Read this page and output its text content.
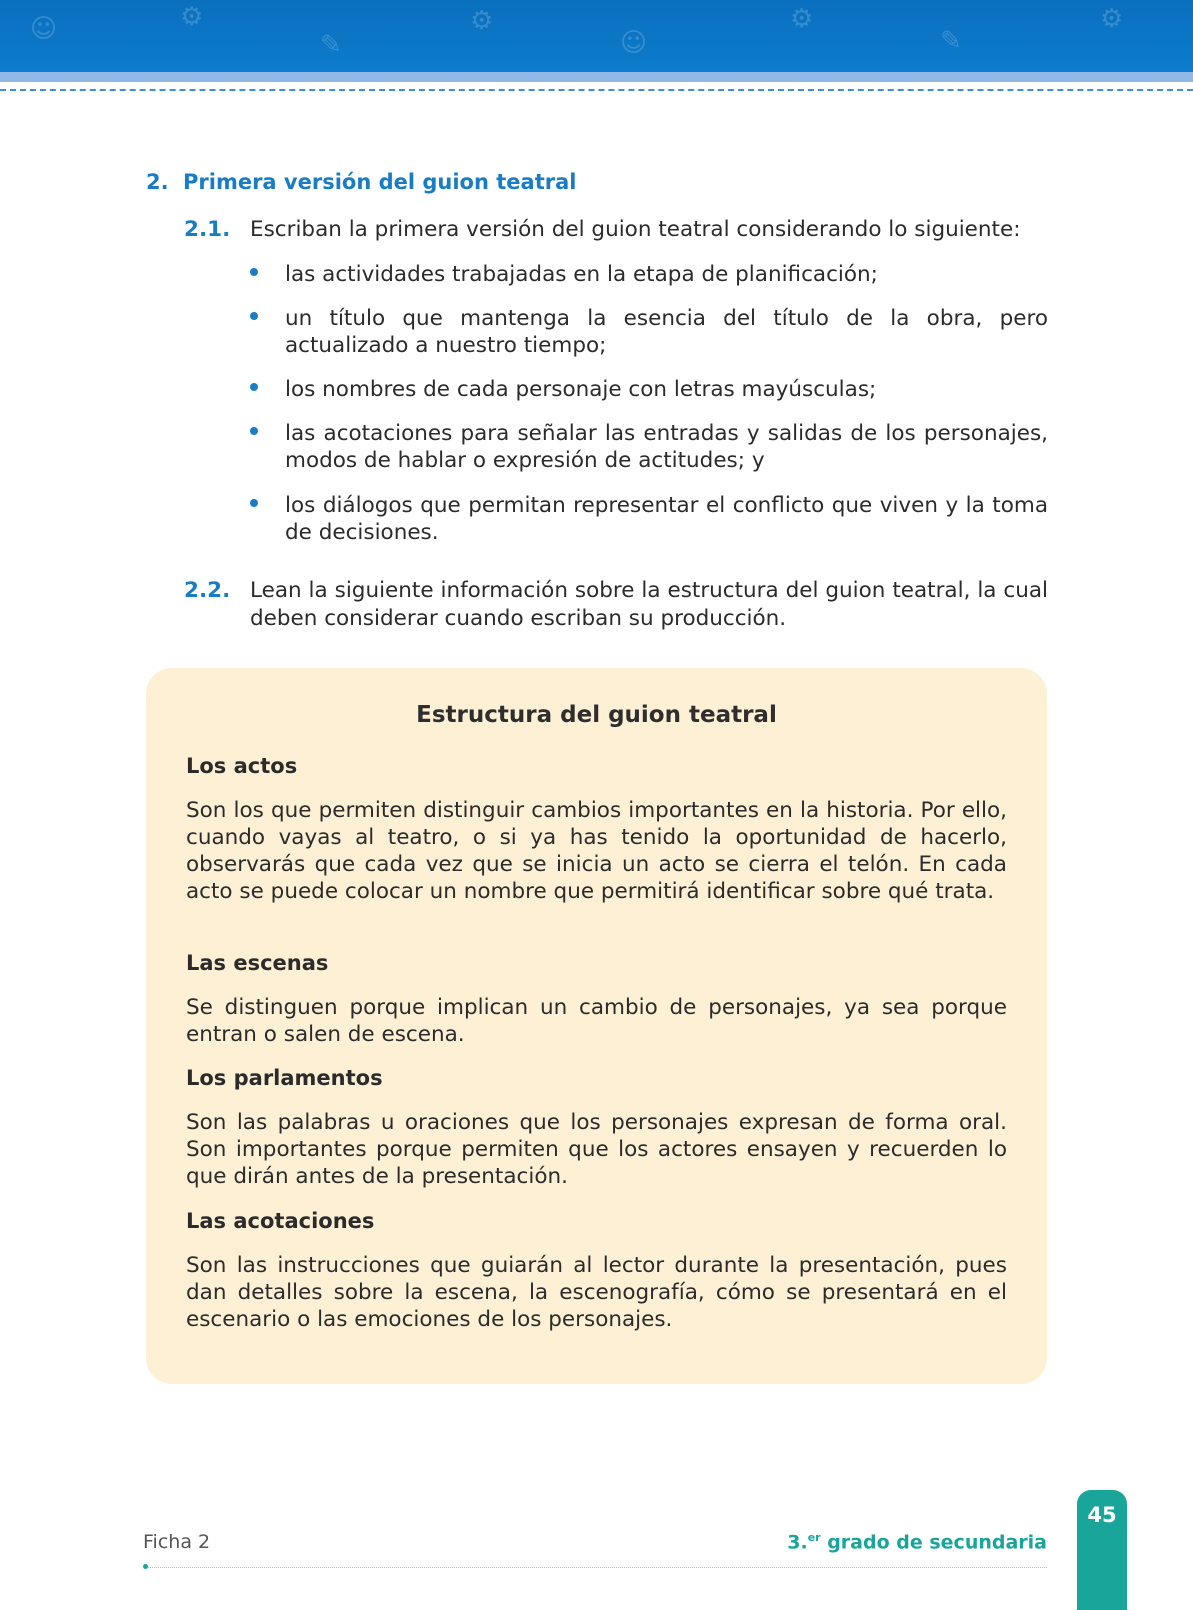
☺	⚙
✎
⚙
☺
⚙
✎
⚙
2. Primera versión del guion teatral
2.1. Escriban la primera versión del guion teatral considerando lo siguiente:
las actividades trabajadas en la etapa de planificación;
un título que mantenga la esencia del título de la obra, pero actualizado a nuestro tiempo;
los nombres de cada personaje con letras mayúsculas;
las acotaciones para señalar las entradas y salidas de los personajes, modos de hablar o expresión de actitudes; y
los diálogos que permitan representar el conflicto que viven y la toma de decisiones.
2.2. Lean la siguiente información sobre la estructura del guion teatral, la cual deben considerar cuando escriban su producción.
Estructura del guion teatral
Los actos
Son los que permiten distinguir cambios importantes en la historia. Por ello, cuando vayas al teatro, o si ya has tenido la oportunidad de hacerlo, observarás que cada vez que se inicia un acto se cierra el telón. En cada acto se puede colocar un nombre que permitirá identificar sobre qué trata.
Las escenas
Se distinguen porque implican un cambio de personajes, ya sea porque entran o salen de escena.
Los parlamentos
Son las palabras u oraciones que los personajes expresan de forma oral. Son importantes porque permiten que los actores ensayen y recuerden lo que dirán antes de la presentación.
Las acotaciones
Son las instrucciones que guiarán al lector durante la presentación, pues dan detalles sobre la escena, la escenografía, cómo se presentará en el escenario o las emociones de los personajes.
Ficha 2	3.$^{er}$ grado de secundaria
45
